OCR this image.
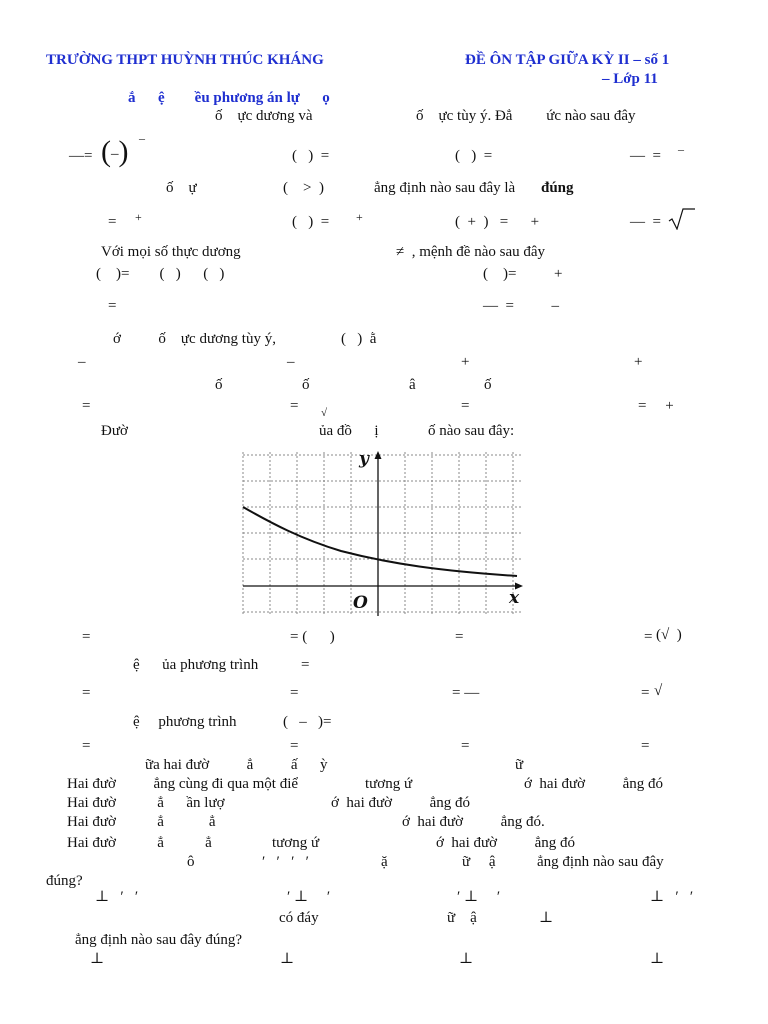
TRƯỜNG THPT HUỲNH THÚC KHÁNG	ĐỀ ÔN TẬP GIỮA KỲ II – số 1
– Lớp 11
ắ      ệ        ều phương án lự      ọ
ố    ực dương và	ố    ực tùy ý. Đẳ         ức nào sau đây
—= (–) –
(   )  =	(   )  =	—  = –
ố    ự	(    >  )	ẳng định nào sau đây là đúng
= +	(   )  = +	(  +  )   =      +	—  =
Với mọi số thực dương	≠  , mệnh đề nào sau đây
(    )=        (   )      (   )	(    )=          +
=	—  =          –
ớ          ố    ực dương tùy ý,	(   )  ằ
–	–	+	+
ố	ố	â	ố
=	= √	=	=     +
Đườ	ủa đồ      ị	ố nào sau đây:
y
x
O
=	= (      )	=	= (√  )
ệ      ủa phương trình	=
=	=	= —	= √
ệ     phương trình	(   –   )=
=	=	=	=
ữa hai đườ          ẳ          ấ      ỳ	ữ
Hai đườ          ẳng cùng đi qua một điể	tương ứ	ớ  hai đườ          ẳng đó
Hai đườ           ẳ      ần lượ	ớ  hai đườ          ẳng đó
Hai đườ           ẳ            ẳ	ớ  hai đườ          ẳng đó.
Hai đườ           ẳ           ẳ	tương ứ	ớ  hai đườ          ẳng đó
ô	′   ′   ′   ′	ặ	ữ     ậ	ẳng định nào sau đây
đúng?
⊥   ′   ′	′ ⊥     ′	′ ⊥     ′	⊥   ′   ′
có đáy	ữ    ậ	⊥
ẳng định nào sau đây đúng?
⊥	⊥	⊥	⊥
